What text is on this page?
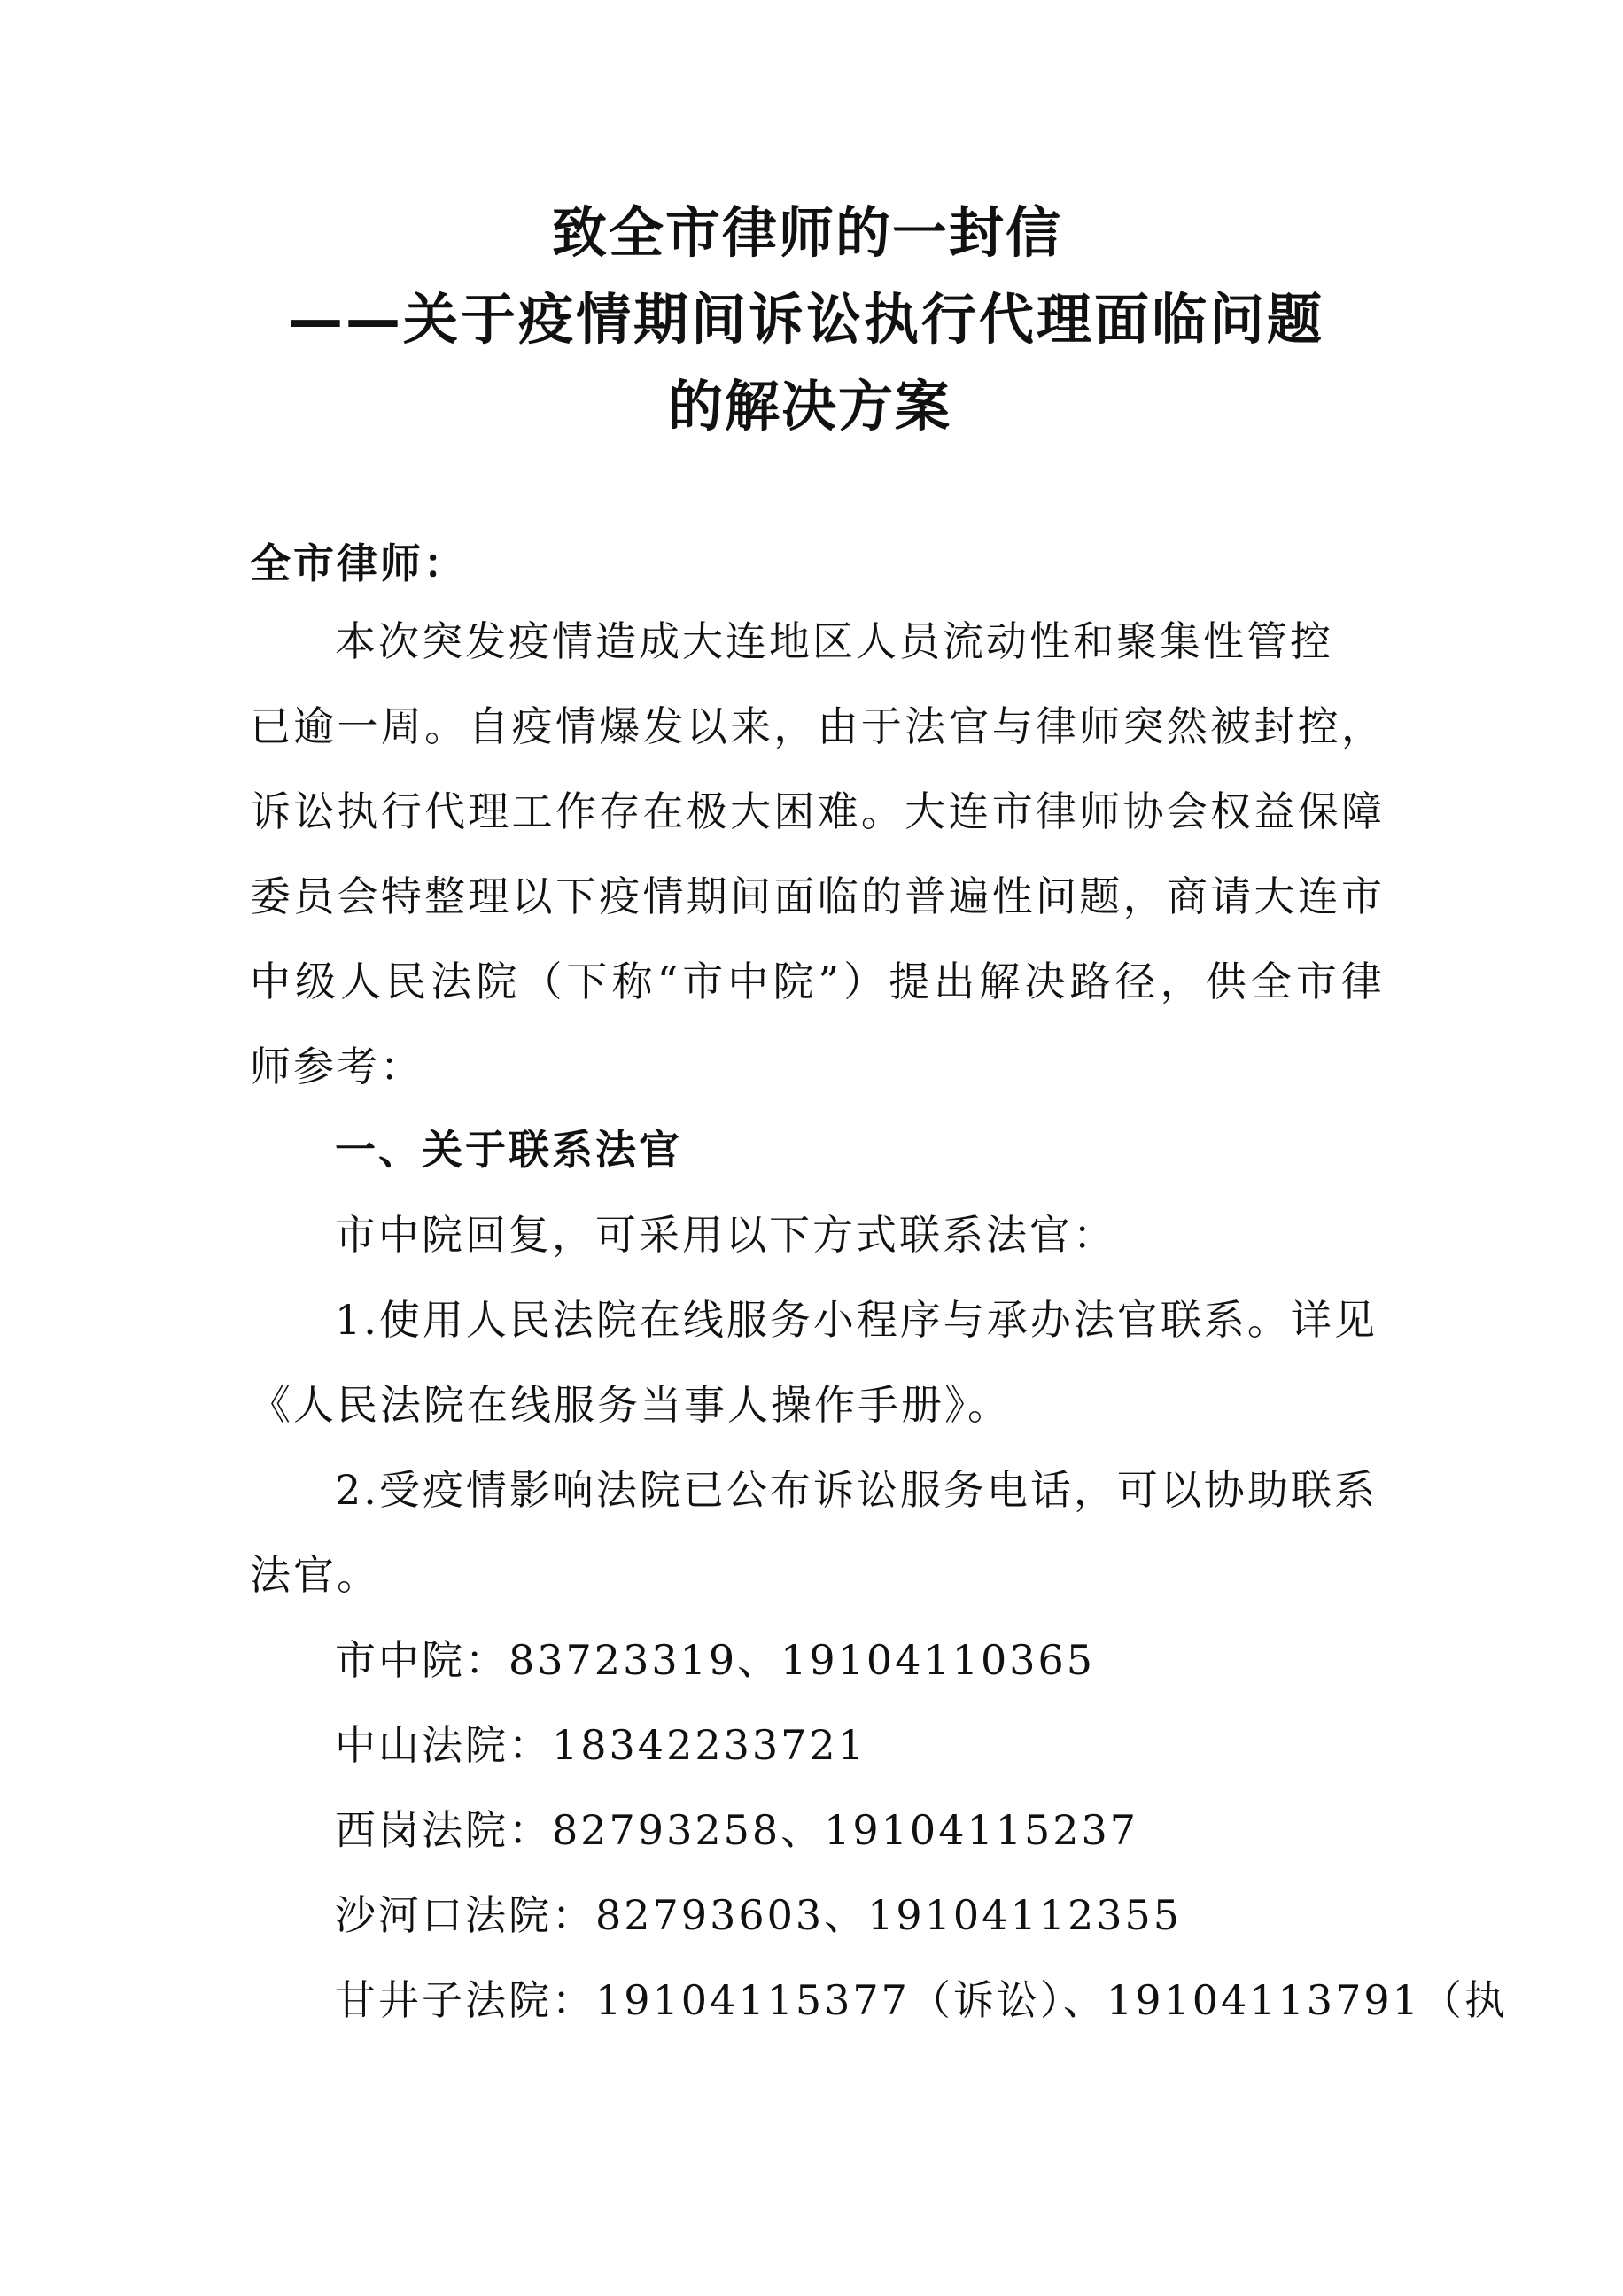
致全市律师的一封信
——关于疫情期间诉讼执行代理面临问题
的解决方案
全市律师：
本次突发疫情造成大连地区人员流动性和聚集性管控
已逾一周。自疫情爆发以来，由于法官与律师突然被封控，
诉讼执行代理工作存在极大困难。大连市律师协会权益保障
委员会特整理以下疫情期间面临的普遍性问题，商请大连市
中级人民法院（下称“市中院”）提出解决路径，供全市律
师参考：
一、关于联系法官
市中院回复，可采用以下方式联系法官：
1.使用人民法院在线服务小程序与承办法官联系。详见
《人民法院在线服务当事人操作手册》。
2.受疫情影响法院已公布诉讼服务电话，可以协助联系
法官。
市中院：83723319、19104110365
中山法院：18342233721
西岗法院：82793258、19104115237
沙河口法院：82793603、19104112355
甘井子法院：19104115377（诉讼）、19104113791（执
